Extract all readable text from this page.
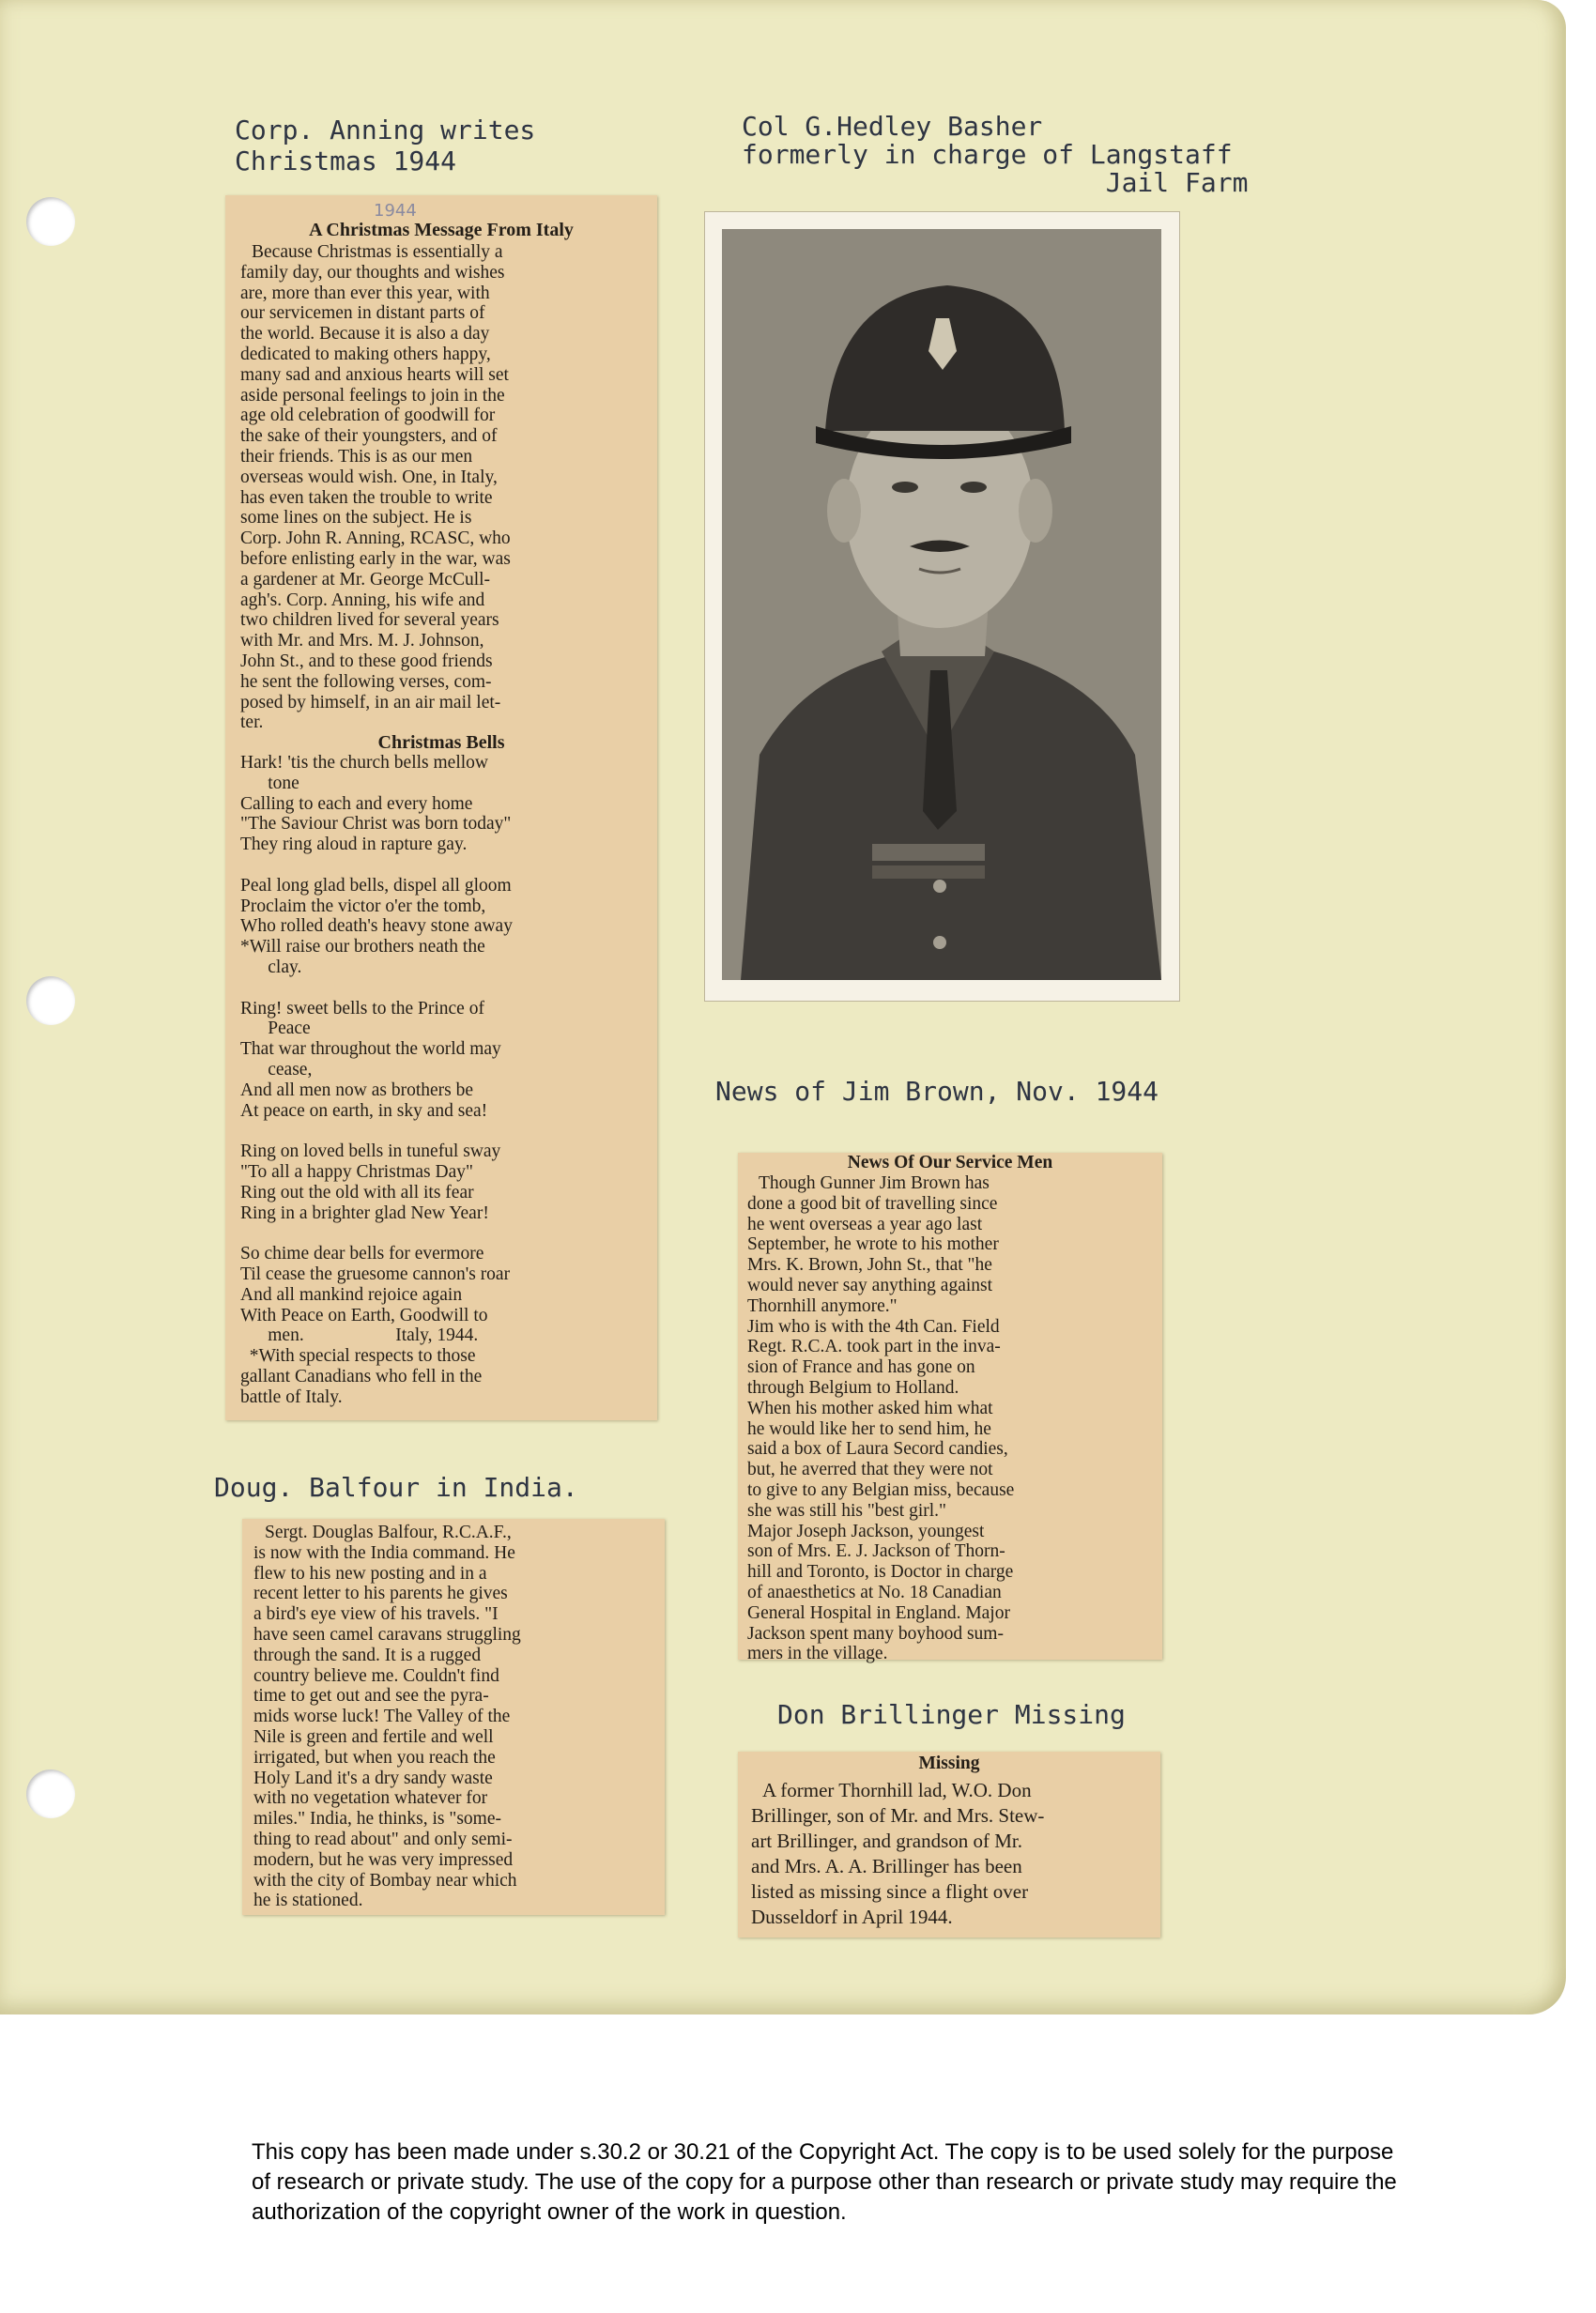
Corp. Anning writes
Christmas 1944
Col G.Hedley Basher
formerly in charge of Langstaff
Jail Farm
Doug. Balfour in India.
News of Jim Brown, Nov. 1944
Don Brillinger Missing
1944
A Christmas Message From Italy
Because Christmas is essentially a
family day, our thoughts and wishes
are, more than ever this year, with
our servicemen in distant parts of
the world. Because it is also a day
dedicated to making others happy,
many sad and anxious hearts will set
aside personal feelings to join in the
age old celebration of goodwill for
the sake of their youngsters, and of
their friends. This is as our men
overseas would wish. One, in Italy,
has even taken the trouble to write
some lines on the subject. He is
Corp. John R. Anning, RCASC, who
before enlisting early in the war, was
a gardener at Mr. George McCull-
agh's. Corp. Anning, his wife and
two children lived for several years
with Mr. and Mrs. M. J. Johnson,
John St., and to these good friends
he sent the following verses, com-
posed by himself, in an air mail let-
ter.
Christmas Bells
Hark! 'tis the church bells mellow
tone
Calling to each and every home
"The Saviour Christ was born today"
They ring aloud in rapture gay.

Peal long glad bells, dispel all gloom
Proclaim the victor o'er the tomb,
Who rolled death's heavy stone away
*Will raise our brothers neath the
clay.

Ring! sweet bells to the Prince of
Peace
That war throughout the world may
cease,
And all men now as brothers be
At peace on earth, in sky and sea!

Ring on loved bells in tuneful sway
"To all a happy Christmas Day"
Ring out the old with all its fear
Ring in a brighter glad New Year!

So chime dear bells for evermore
Til cease the gruesome cannon's roar
And all mankind rejoice again
With Peace on Earth, Goodwill to
men.                    Italy, 1944.
*With special respects to those
gallant Canadians who fell in the
battle of Italy.
Sergt. Douglas Balfour, R.C.A.F.,
is now with the India command. He
flew to his new posting and in a
recent letter to his parents he gives
a bird's eye view of his travels. "I
have seen camel caravans struggling
through the sand. It is a rugged
country believe me. Couldn't find
time to get out and see the pyra-
mids worse luck! The Valley of the
Nile is green and fertile and well
irrigated, but when you reach the
Holy Land it's a dry sandy waste
with no vegetation whatever for
miles." India, he thinks, is "some-
thing to read about" and only semi-
modern, but he was very impressed
with the city of Bombay near which
he is stationed.
News Of Our Service Men
Though Gunner Jim Brown has
done a good bit of travelling since
he went overseas a year ago last
September, he wrote to his mother
Mrs. K. Brown, John St., that "he
would never say anything against
Thornhill anymore."
Jim who is with the 4th Can. Field
Regt. R.C.A. took part in the inva-
sion of France and has gone on
through Belgium to Holland.
When his mother asked him what
he would like her to send him, he
said a box of Laura Secord candies,
but, he averred that they were not
to give to any Belgian miss, because
she was still his "best girl."
Major Joseph Jackson, youngest
son of Mrs. E. J. Jackson of Thorn-
hill and Toronto, is Doctor in charge
of anaesthetics at No. 18 Canadian
General Hospital in England. Major
Jackson spent many boyhood sum-
mers in the village.
Missing
A former Thornhill lad, W.O. Don
Brillinger, son of Mr. and Mrs. Stew-
art Brillinger, and grandson of Mr.
and Mrs. A. A. Brillinger has been
listed as missing since a flight over
Dusseldorf in April 1944.
This copy has been made under s.30.2 or 30.21 of the Copyright Act. The copy is to be used solely for the purpose of research or private study. The use of the copy for a purpose other than research or private study may require the authorization of the copyright owner of the work in question.
